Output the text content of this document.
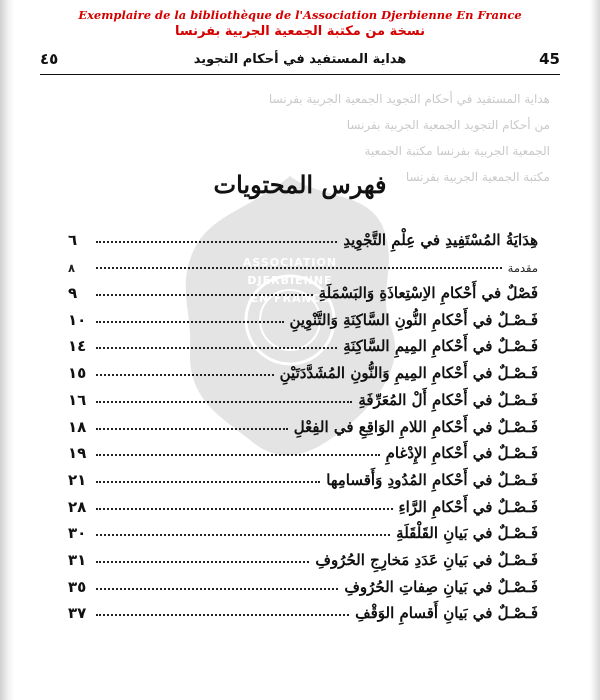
Exemplaire de la bibliothèque de l'Association Djerbienne En France
نسخة من مكتبة الجمعية الجربية بفرنسا
٤٥	هداية المستفيد في أحكام التجويد	45
هداية المستفيد في أحكام التجويد الجمعية الجربية بفرنسا
من أحكام التجويد الجمعية الجربية بفرنسا
الجمعية الجربية بفرنسا مكتبة الجمعية
مكتبة الجمعية الجربية بفرنسا
ASSOCIATION
DJERBIENNE
EN FRANCE
فهرس المحتويات
هِدَايَةُ المُسْتَفِيدِ في عِلْمِ التَّجْوِيدِ
٦
مقدمة
٨
فَصْلٌ في أَحْكامِ الاِسْتِعاذَةِ وَالبَسْمَلَةِ
٩
فَـصْـلٌ في أَحْكامِ النُّونِ السَّاكِنَةِ وَالتَّنْوِينِ
١٠
فَـصْـلٌ في أَحْكامِ المِيمِ السَّاكِنَةِ
١٤
فَـصْـلٌ في أَحْكامِ المِيمِ وَالنُّونِ المُشَدَّدَتَيْنِ
١٥
فَـصْـلٌ في أَحْكامِ أَلْ المُعَرِّفَةِ
١٦
فَـصْـلٌ في أَحْكامِ اللامِ الوَاقِعِ في الفِعْلِ
١٨
فَـصْـلٌ في أَحْكامِ الإِدْغامِ
١٩
فَـصْـلٌ في أَحْكامِ المُدُودِ وَأَقسامِها
٢١
فَـصْـلٌ في أَحْكامِ الرَّاءِ
٢٨
فَـصْـلٌ في بَيانِ القَلْقَلَةِ
٣٠
فَـصْـلٌ في بَيانِ عَدَدِ مَخارِجِ الحُرُوفِ
٣١
فَـصْـلٌ في بَيانِ صِفاتِ الحُرُوفِ
٣٥
فَـصْـلٌ في بَيانِ أَقسامِ الوَقْفِ
٣٧
